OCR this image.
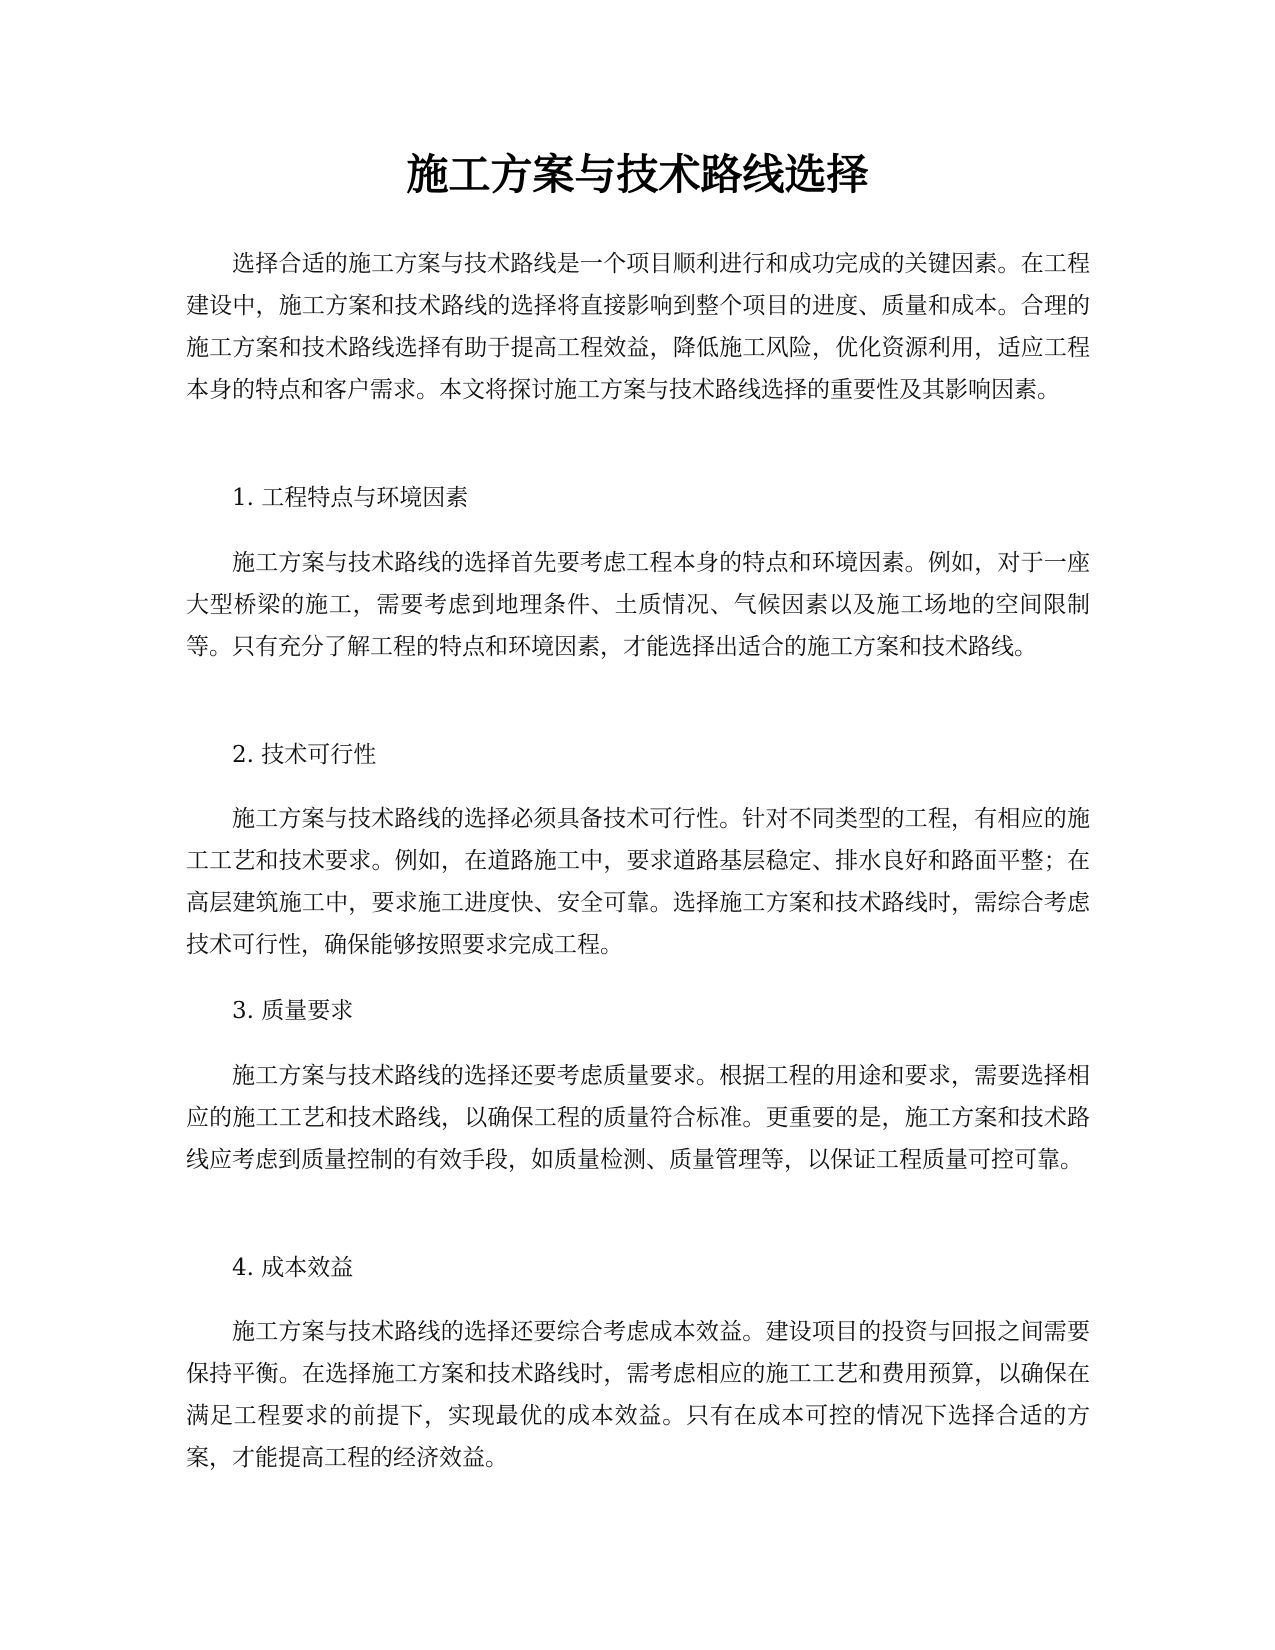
施工方案与技术路线选择

选择合适的施工方案与技术路线是一个项目顺利进行和成功完成的关键因素。在工程建设中，施工方案和技术路线的选择将直接影响到整个项目的进度、质量和成本。合理的施工方案和技术路线选择有助于提高工程效益，降低施工风险，优化资源利用，适应工程本身的特点和客户需求。本文将探讨施工方案与技术路线选择的重要性及其影响因素。

1. 工程特点与环境因素

施工方案与技术路线的选择首先要考虑工程本身的特点和环境因素。例如，对于一座大型桥梁的施工，需要考虑到地理条件、土质情况、气候因素以及施工场地的空间限制等。只有充分了解工程的特点和环境因素，才能选择出适合的施工方案和技术路线。

2. 技术可行性

施工方案与技术路线的选择必须具备技术可行性。针对不同类型的工程，有相应的施工工艺和技术要求。例如，在道路施工中，要求道路基层稳定、排水良好和路面平整；在高层建筑施工中，要求施工进度快、安全可靠。选择施工方案和技术路线时，需综合考虑技术可行性，确保能够按照要求完成工程。

3. 质量要求

施工方案与技术路线的选择还要考虑质量要求。根据工程的用途和要求，需要选择相应的施工工艺和技术路线，以确保工程的质量符合标准。更重要的是，施工方案和技术路线应考虑到质量控制的有效手段，如质量检测、质量管理等，以保证工程质量可控可靠。

4. 成本效益

施工方案与技术路线的选择还要综合考虑成本效益。建设项目的投资与回报之间需要保持平衡。在选择施工方案和技术路线时，需考虑相应的施工工艺和费用预算，以确保在满足工程要求的前提下，实现最优的成本效益。只有在成本可控的情况下选择合适的方案，才能提高工程的经济效益。
